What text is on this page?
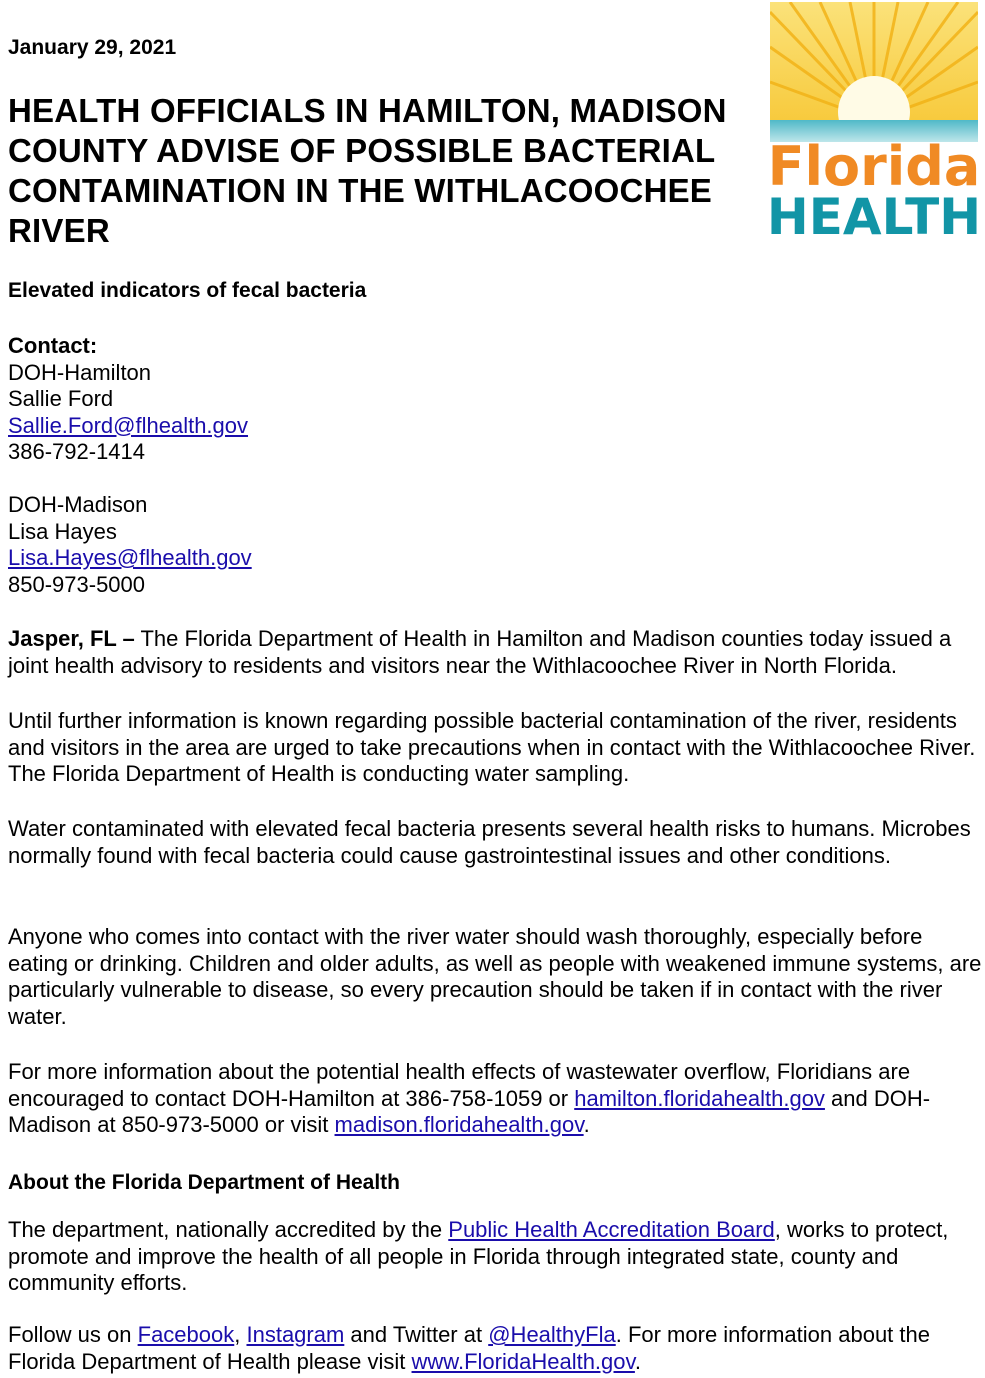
Florida
HEALTH
January 29, 2021
HEALTH OFFICIALS IN HAMILTON, MADISON COUNTY ADVISE OF POSSIBLE BACTERIAL CONTAMINATION IN THE WITHLACOOCHEE RIVER
Elevated indicators of fecal bacteria
Contact:
DOH-Hamilton
Sallie Ford
Sallie.Ford@flhealth.gov
386-792-1414
DOH-Madison
Lisa Hayes
Lisa.Hayes@flhealth.gov
850-973-5000
Jasper, FL – The Florida Department of Health in Hamilton and Madison counties today issued a joint health advisory to residents and visitors near the Withlacoochee River in North Florida.
Until further information is known regarding possible bacterial contamination of the river, residents and visitors in the area are urged to take precautions when in contact with the Withlacoochee River. The Florida Department of Health is conducting water sampling.
Water contaminated with elevated fecal bacteria presents several health risks to humans. Microbes normally found with fecal bacteria could cause gastrointestinal issues and other conditions.
Anyone who comes into contact with the river water should wash thoroughly, especially before eating or drinking. Children and older adults, as well as people with weakened immune systems, are particularly vulnerable to disease, so every precaution should be taken if in contact with the river water.
For more information about the potential health effects of wastewater overflow, Floridians are encouraged to contact DOH-Hamilton at 386-758-1059 or hamilton.floridahealth.gov and DOH-Madison at 850-973-5000 or visit madison.floridahealth.gov.
About the Florida Department of Health
The department, nationally accredited by the Public Health Accreditation Board, works to protect, promote and improve the health of all people in Florida through integrated state, county and community efforts.
Follow us on Facebook, Instagram and Twitter at @HealthyFla. For more information about the Florida Department of Health please visit www.FloridaHealth.gov.
